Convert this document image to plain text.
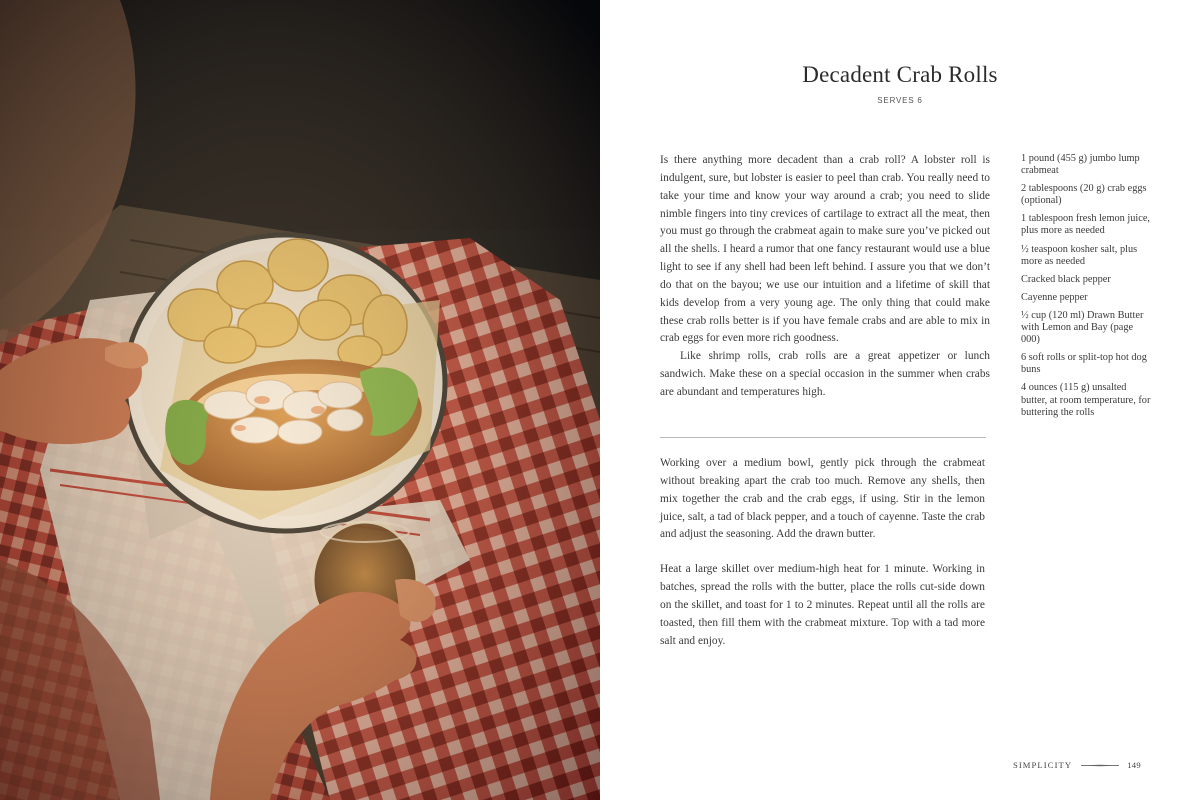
Decadent Crab Rolls
SERVES 6

Is there anything more decadent than a crab roll? A lobster roll is indulgent, sure, but lobster is easier to peel than crab. You really need to take your time and know your way around a crab; you need to slide nimble fingers into tiny crevices of cartilage to extract all the meat, then you must go through the crabmeat again to make sure you’ve picked out all the shells. I heard a rumor that one fancy restaurant would use a blue light to see if any shell had been left behind. I assure you that we don’t do that on the bayou; we use our intuition and a lifetime of skill that kids develop from a very young age. The only thing that could make these crab rolls better is if you have female crabs and are able to mix in crab eggs for even more rich goodness.

Like shrimp rolls, crab rolls are a great appetizer or lunch sandwich. Make these on a special occasion in the summer when crabs are abundant and temperatures high.

Working over a medium bowl, gently pick through the crabmeat without breaking apart the crab too much. Remove any shells, then mix together the crab and the crab eggs, if using. Stir in the lemon juice, salt, a tad of black pepper, and a touch of cayenne. Taste the crab and adjust the seasoning. Add the drawn butter.

Heat a large skillet over medium-high heat for 1 minute. Working in batches, spread the rolls with the butter, place the rolls cut-side down on the skillet, and toast for 1 to 2 minutes. Repeat until all the rolls are toasted, then fill them with the crabmeat mixture. Top with a tad more salt and enjoy.

1 pound (455 g) jumbo lump crabmeat
2 tablespoons (20 g) crab eggs (optional)
1 tablespoon fresh lemon juice, plus more as needed
½ teaspoon kosher salt, plus more as needed
Cracked black pepper
Cayenne pepper
½ cup (120 ml) Drawn Butter with Lemon and Bay (page 000)
6 soft rolls or split-top hot dog buns
4 ounces (115 g) unsalted butter, at room temperature, for buttering the rolls
SIMPLICITY	149
